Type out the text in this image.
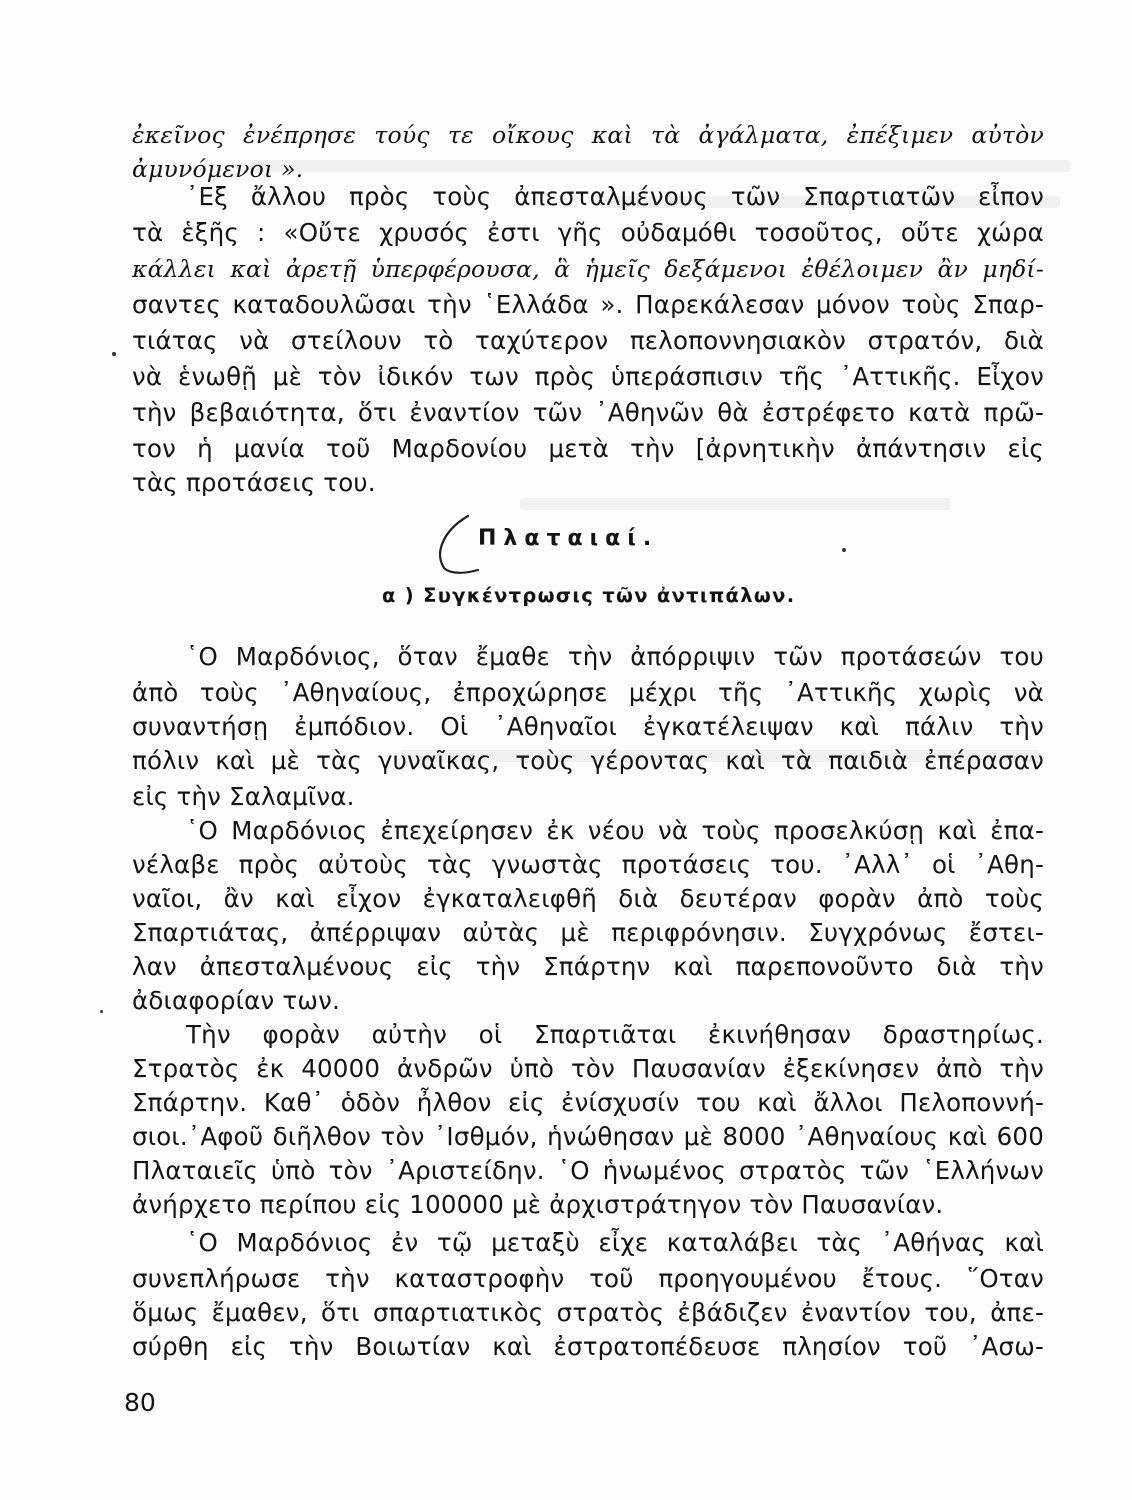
ἐκεῖνος ἐνέπρησε τούς τε οἴκους καὶ τὰ ἀγάλματα, ἐπέξιμεν αὐτὸν
ἀμυνόμενοι ».
᾽Εξ ἄλλου πρὸς τοὺς ἀπεσταλμένους τῶν Σπαρτιατῶν εἶπον
τὰ ἑξῆς : «Οὔτε χρυσός ἐστι γῆς οὐδαμόθι τοσοῦτος, οὔτε χώρα
κάλλει καὶ ἀρετῇ ὑπερφέρουσα, ἃ ἡμεῖς δεξάμενοι ἐθέλοιμεν ἂν μηδί-
σαντες καταδουλῶσαι τὴν ῾Ελλάδα ». Παρεκάλεσαν μόνον τοὺς Σπαρ-
τιάτας νὰ στείλουν τὸ ταχύτερον πελοποννησιακὸν στρατόν, διὰ
νὰ ἑνωθῇ μὲ τὸν ἰδικόν των πρὸς ὑπεράσπισιν τῆς ᾽Αττικῆς. Εἶχον
τὴν βεβαιότητα, ὅτι ἐναντίον τῶν ᾽Αθηνῶν θὰ ἐστρέφετο κατὰ πρῶ-
τον ἡ μανία τοῦ Μαρδονίου μετὰ τὴν [ἀρνητικὴν ἀπάντησιν εἰς
τὰς προτάσεις του.
Πλαταιαί.
α ) Συγκέντρωσις τῶν ἀντιπάλων.
῾Ο Μαρδόνιος, ὅταν ἔμαθε τὴν ἀπόρριψιν τῶν προτάσεών του
ἀπὸ τοὺς ᾽Αθηναίους, ἐπροχώρησε μέχρι τῆς ᾽Αττικῆς χωρὶς νὰ
συναντήσῃ ἐμπόδιον. Οἱ ᾽Αθηναῖοι ἐγκατέλειψαν καὶ πάλιν τὴν
πόλιν καὶ μὲ τὰς γυναῖκας, τοὺς γέροντας καὶ τὰ παιδιὰ ἐπέρασαν
εἰς τὴν Σαλαμῖνα.
῾Ο Μαρδόνιος ἐπεχείρησεν ἐκ νέου νὰ τοὺς προσελκύσῃ καὶ ἐπα-
νέλαβε πρὸς αὐτοὺς τὰς γνωστὰς προτάσεις του. ᾽Αλλ᾽ οἱ ᾽Αθη-
ναῖοι, ἂν καὶ εἶχον ἐγκαταλειφθῆ διὰ δευτέραν φορὰν ἀπὸ τοὺς
Σπαρτιάτας, ἀπέρριψαν αὐτὰς μὲ περιφρόνησιν. Συγχρόνως ἔστει-
λαν ἀπεσταλμένους εἰς τὴν Σπάρτην καὶ παρεπονοῦντο διὰ τὴν
ἀδιαφορίαν των.
Τὴν φορὰν αὐτὴν οἱ Σπαρτιᾶται ἐκινήθησαν δραστηρίως.
Στρατὸς ἐκ 40000 ἀνδρῶν ὑπὸ τὸν Παυσανίαν ἐξεκίνησεν ἀπὸ τὴν
Σπάρτην. Καθ᾽ ὁδὸν ἦλθον εἰς ἐνίσχυσίν του καὶ ἄλλοι Πελοποννή-
σιοι.᾽Αφοῦ διῆλθον τὸν ᾽Ισθμόν, ἡνώθησαν μὲ 8000 ᾽Αθηναίους καὶ 600
Πλαταιεῖς ὑπὸ τὸν ᾽Αριστείδην. ῾Ο ἡνωμένος στρατὸς τῶν ῾Ελλήνων
ἀνήρχετο περίπου εἰς 100000 μὲ ἀρχιστράτηγον τὸν Παυσανίαν.
῾Ο Μαρδόνιος ἐν τῷ μεταξὺ εἶχε καταλάβει τὰς ᾽Αθήνας καὶ
συνεπλήρωσε τὴν καταστροφὴν τοῦ προηγουμένου ἔτους. ῞Οταν
ὅμως ἔμαθεν, ὅτι σπαρτιατικὸς στρατὸς ἐβάδιζεν ἐναντίον του, ἀπε-
σύρθη εἰς τὴν Βοιωτίαν καὶ ἐστρατοπέδευσε πλησίον τοῦ ᾽Ασω-
80
